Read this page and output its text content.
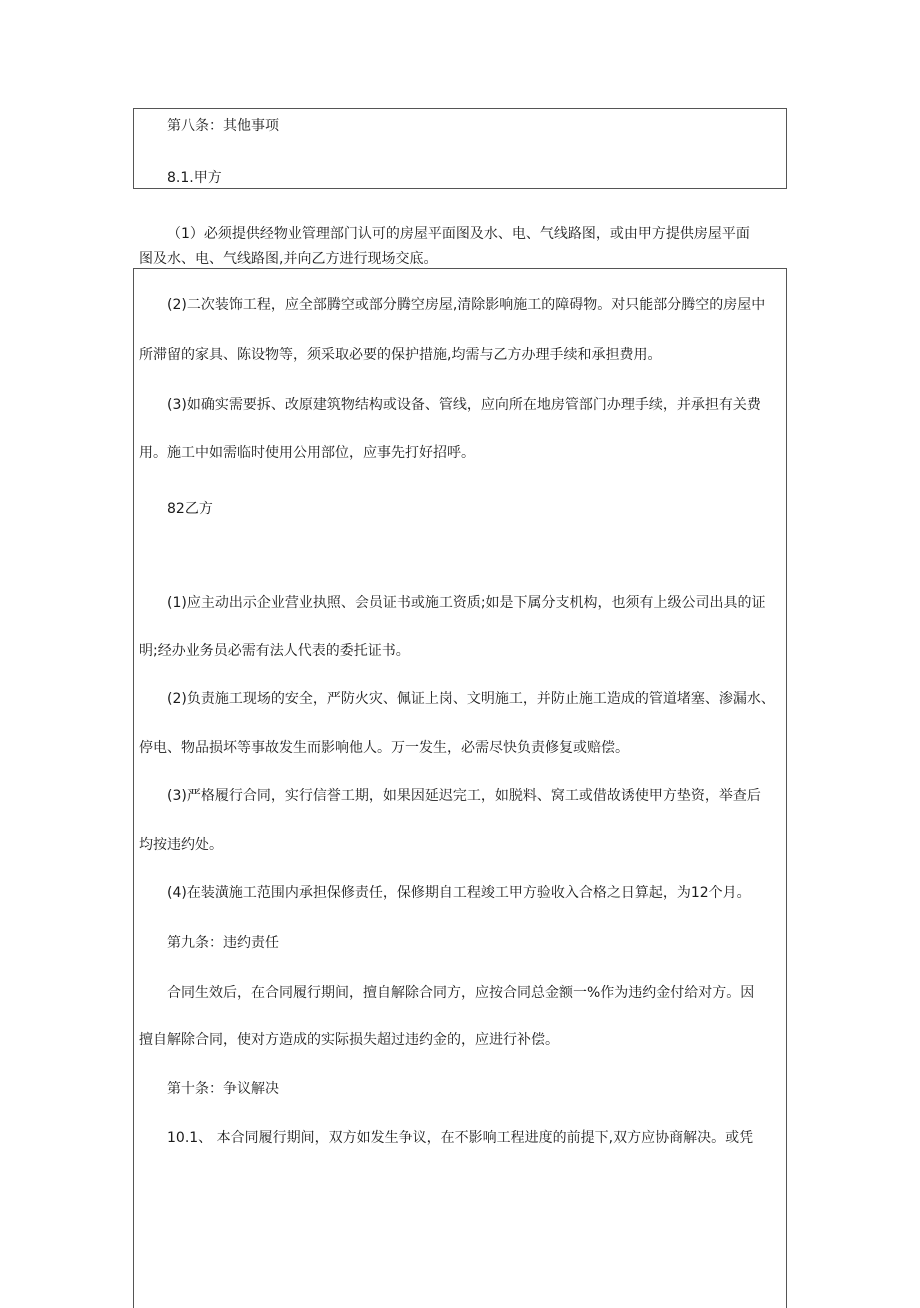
第八条：其他事项
8.1.甲方
（1）必须提供经物业管理部门认可的房屋平面图及水、电、气线路图，或由甲方提供房屋平面
图及水、电、气线路图,并向乙方进行现场交底。
(2)二次装饰工程，应全部腾空或部分腾空房屋,清除影响施工的障碍物。对只能部分腾空的房屋中
所滞留的家具、陈设物等，须采取必要的保护措施,均需与乙方办理手续和承担费用。
(3)如确实需要拆、改原建筑物结构或设备、管线，应向所在地房管部门办理手续，并承担有关费
用。施工中如需临时使用公用部位，应事先打好招呼。
82乙方
(1)应主动出示企业营业执照、会员证书或施工资质;如是下属分支机构，也须有上级公司出具的证
明;经办业务员必需有法人代表的委托证书。
(2)负责施工现场的安全，严防火灾、佩证上岗、文明施工，并防止施工造成的管道堵塞、渗漏水、
停电、物品损坏等事故发生而影响他人。万一发生，必需尽快负责修复或赔偿。
(3)严格履行合同，实行信誉工期，如果因延迟完工，如脱料、窝工或借故诱使甲方垫资，举查后
均按违约处。
(4)在装潢施工范围内承担保修责任，保修期自工程竣工甲方验收入合格之日算起，为12个月。
第九条：违约责任
合同生效后，在合同履行期间，擅自解除合同方，应按合同总金额一%作为违约金付给对方。因
擅自解除合同，使对方造成的实际损失超过违约金的，应进行补偿。
第十条：争议解决
10.1、 本合同履行期间，双方如发生争议，在不影响工程进度的前提下,双方应协商解决。或凭
